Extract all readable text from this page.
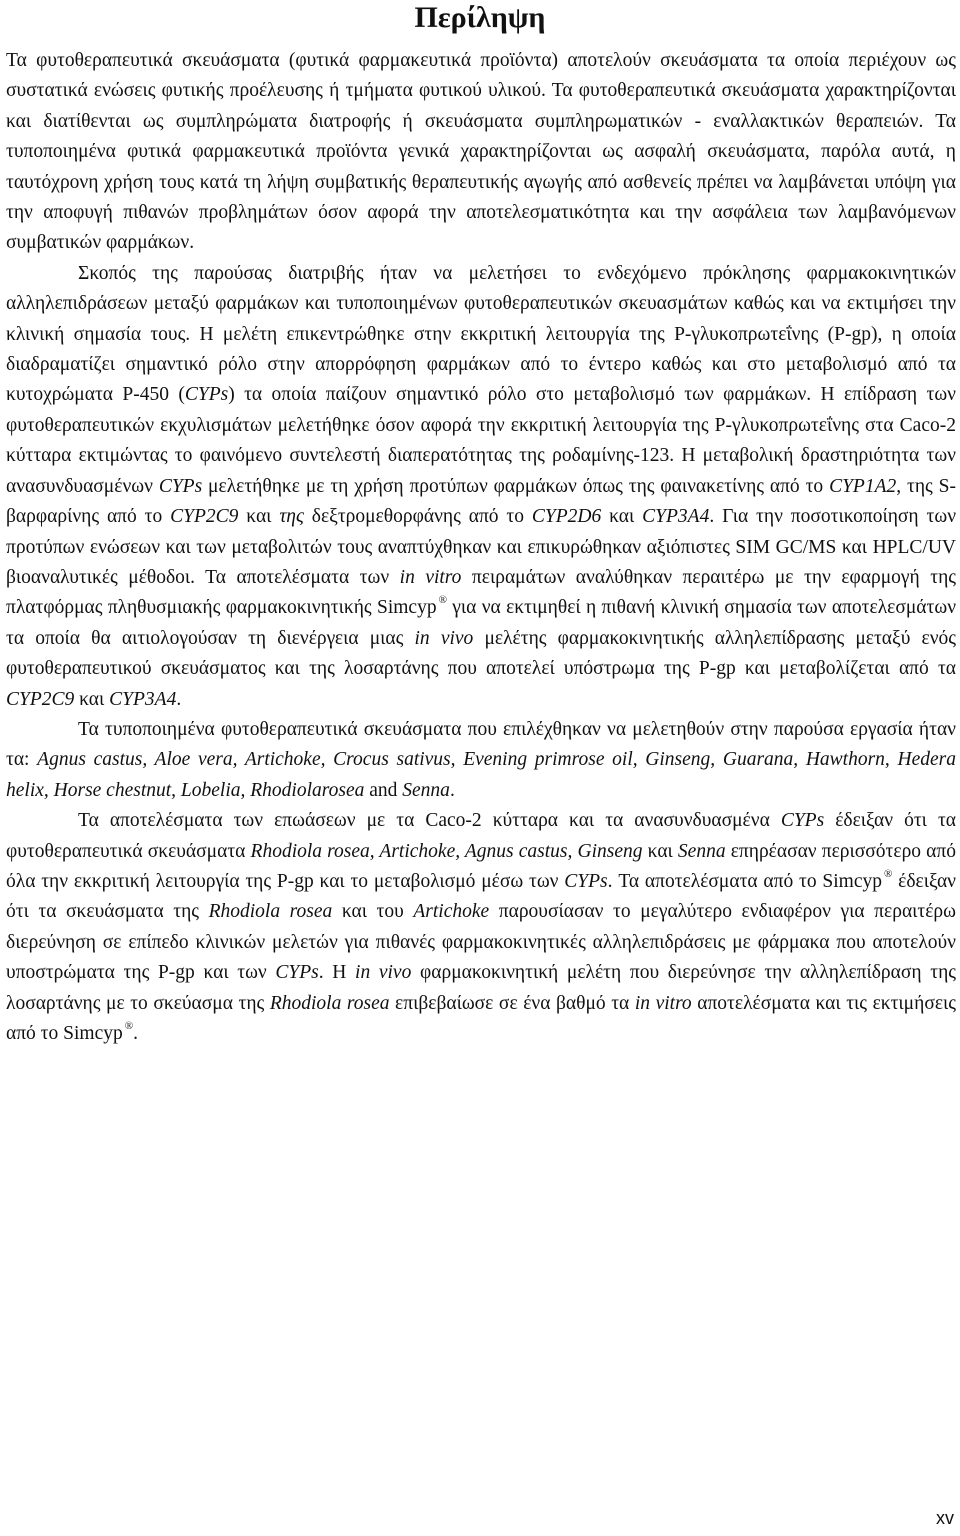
Περίληψη

Τα φυτοθεραπευτικά σκευάσματα (φυτικά φαρμακευτικά προϊόντα) αποτελούν σκευάσματα τα οποία περιέχουν ως συστατικά ενώσεις φυτικής προέλευσης ή τμήματα φυτικού υλικού. Τα φυτοθεραπευτικά σκευάσματα χαρακτηρίζονται και διατίθενται ως συμπληρώματα διατροφής ή σκευάσματα συμπληρωματικών - εναλλακτικών θεραπειών. Τα τυποποιημένα φυτικά φαρμακευτικά προϊόντα γενικά χαρακτηρίζονται ως ασφαλή σκευάσματα, παρόλα αυτά, η ταυτόχρονη χρήση τους κατά τη λήψη συμβατικής θεραπευτικής αγωγής από ασθενείς πρέπει να λαμβάνεται υπόψη για την αποφυγή πιθανών προβλημάτων όσον αφορά την αποτελεσματικότητα και την ασφάλεια των λαμβανόμενων συμβατικών φαρμάκων.

Σκοπός της παρούσας διατριβής ήταν να μελετήσει το ενδεχόμενο πρόκλησης φαρμακοκινητικών αλληλεπιδράσεων μεταξύ φαρμάκων και τυποποιημένων φυτοθεραπευτικών σκευασμάτων καθώς και να εκτιμήσει την κλινική σημασία τους. Η μελέτη επικεντρώθηκε στην εκκριτική λειτουργία της P-γλυκοπρωτεΐνης (P-gp), η οποία διαδραματίζει σημαντικό ρόλο στην απορρόφηση φαρμάκων από το έντερο καθώς και στο μεταβολισμό από τα κυτοχρώματα P-450 (CYPs) τα οποία παίζουν σημαντικό ρόλο στο μεταβολισμό των φαρμάκων. Η επίδραση των φυτοθεραπευτικών εκχυλισμάτων μελετήθηκε όσον αφορά την εκκριτική λειτουργία της P-γλυκοπρωτεΐνης στα Caco-2 κύτταρα εκτιμώντας το φαινόμενο συντελεστή διαπερατότητας της ροδαμίνης-123. Η μεταβολική δραστηριότητα των ανασυνδυασμένων CYPs μελετήθηκε με τη χρήση προτύπων φαρμάκων όπως της φαινακετίνης από το CYP1A2, της S-βαρφαρίνης από το CYP2C9 και της δεξτρομεθορφάνης από το CYP2D6 και CYP3A4. Για την ποσοτικοποίηση των προτύπων ενώσεων και των μεταβολιτών τους αναπτύχθηκαν και επικυρώθηκαν αξιόπιστες SIM GC/MS και HPLC/UV βιοαναλυτικές μέθοδοι. Τα αποτελέσματα των in vitro πειραμάτων αναλύθηκαν περαιτέρω με την εφαρμογή της πλατφόρμας πληθυσμιακής φαρμακοκινητικής Simcyp ® για να εκτιμηθεί η πιθανή κλινική σημασία των αποτελεσμάτων τα οποία θα αιτιολογούσαν τη διενέργεια μιας in vivo μελέτης φαρμακοκινητικής αλληλεπίδρασης μεταξύ ενός φυτοθεραπευτικού σκευάσματος και της λοσαρτάνης που αποτελεί υπόστρωμα της P-gp και μεταβολίζεται από τα CYP2C9 και CYP3A4.

Τα τυποποιημένα φυτοθεραπευτικά σκευάσματα που επιλέχθηκαν να μελετηθούν στην παρούσα εργασία ήταν τα: Agnus castus, Aloe vera, Artichoke, Crocus sativus, Evening primrose oil, Ginseng, Guarana, Hawthorn, Hedera helix, Horse chestnut, Lobelia, Rhodiolarosea and Senna.

Τα αποτελέσματα των επωάσεων με τα Caco-2 κύτταρα και τα ανασυνδυασμένα CYPs έδειξαν ότι τα φυτοθεραπευτικά σκευάσματα Rhodiola rosea, Artichoke, Agnus castus, Ginseng και Senna επηρέασαν περισσότερο από όλα την εκκριτική λειτουργία της P-gp και το μεταβολισμό μέσω των CYPs. Τα αποτελέσματα από το Simcyp ® έδειξαν ότι τα σκευάσματα της Rhodiola rosea και του Artichoke παρουσίασαν το μεγαλύτερο ενδιαφέρον για περαιτέρω διερεύνηση σε επίπεδο κλινικών μελετών για πιθανές φαρμακοκινητικές αλληλεπιδράσεις με φάρμακα που αποτελούν υποστρώματα της P-gp και των CYPs. Η in vivo φαρμακοκινητική μελέτη που διερεύνησε την αλληλεπίδραση της λοσαρτάνης με το σκεύασμα της Rhodiola rosea επιβεβαίωσε σε ένα βαθμό τα in vitro αποτελέσματα και τις εκτιμήσεις από το Simcyp ®.

xv
